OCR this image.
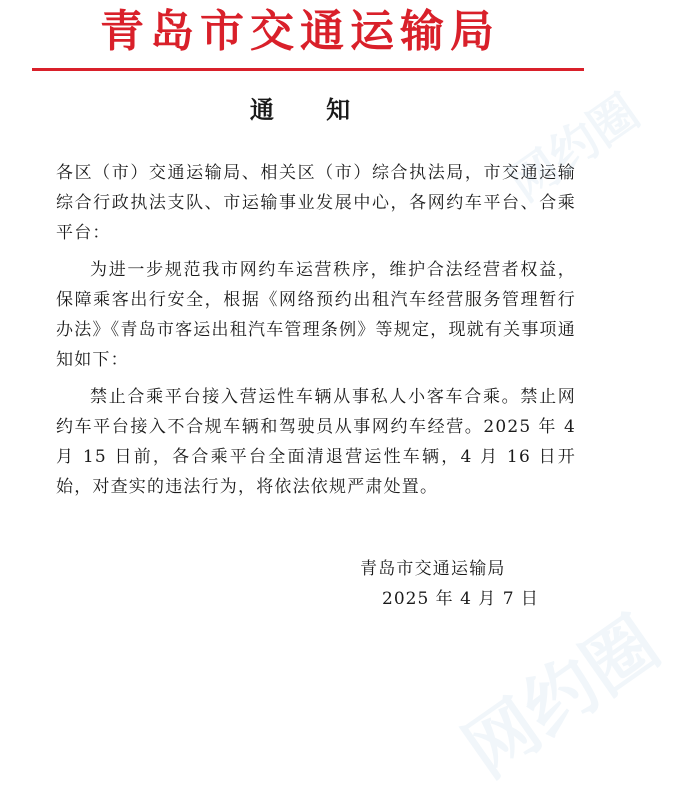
青岛市交通运输局
通 知

各区（市）交通运输局、相关区（市）综合执法局，市交通运输综合行政执法支队、市运输事业发展中心，各网约车平台、合乘平台：

为进一步规范我市网约车运营秩序，维护合法经营者权益，保障乘客出行安全，根据《网络预约出租汽车经营服务管理暂行办法》《青岛市客运出租汽车管理条例》等规定，现就有关事项通知如下：

禁止合乘平台接入营运性车辆从事私人小客车合乘。禁止网约车平台接入不合规车辆和驾驶员从事网约车经营。2025 年 4 月 15 日前，各合乘平台全面清退营运性车辆，4 月 16 日开始，对查实的违法行为，将依法依规严肃处置。

青岛市交通运输局
2025 年 4 月 7 日
网约圈
网约圈
